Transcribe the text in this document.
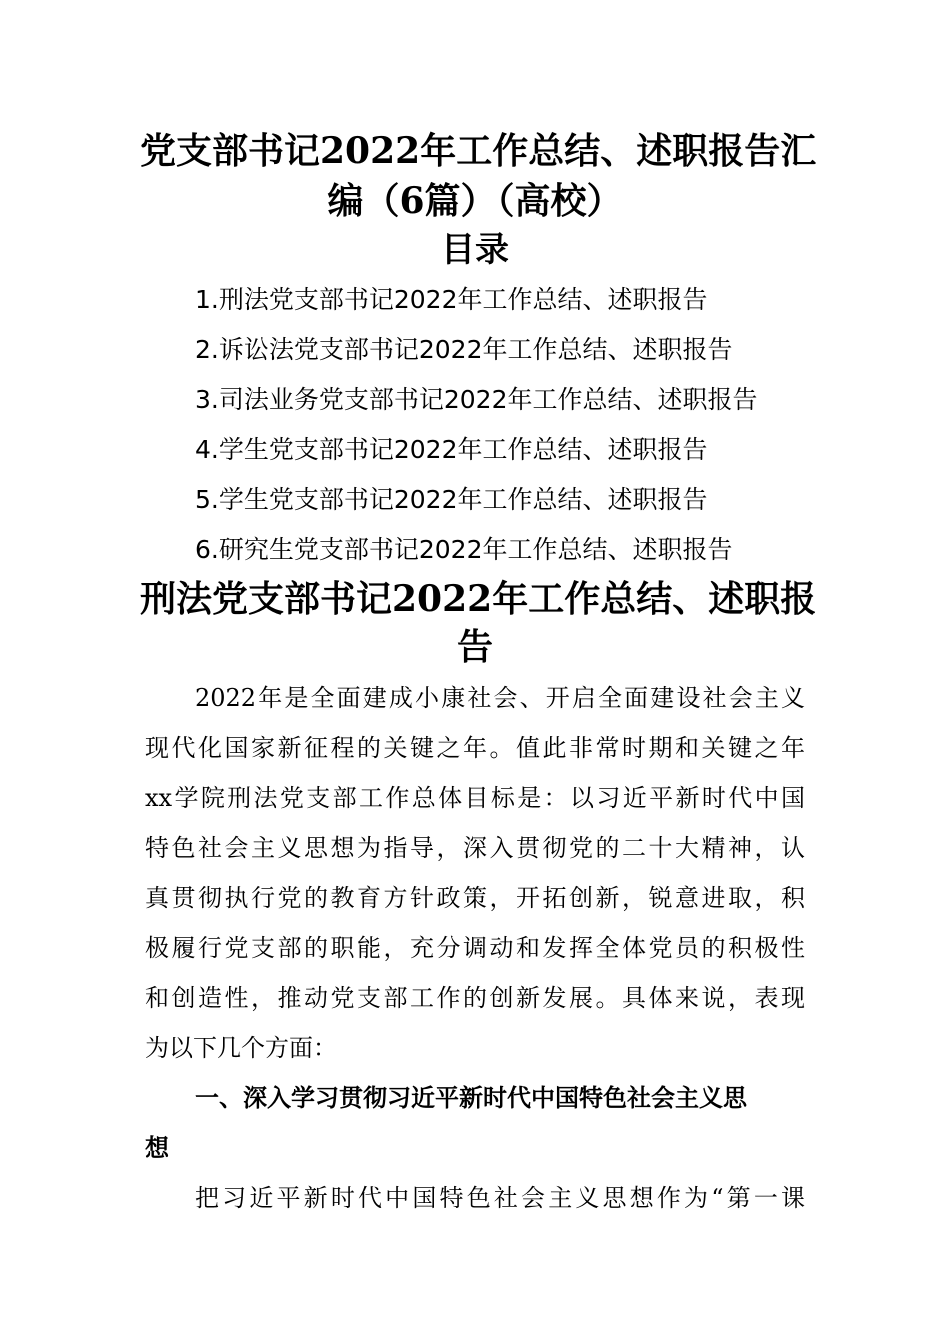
党支部书记2022年工作总结、述职报告汇
编（6篇）（高校）
目录
1.刑法党支部书记2022年工作总结、述职报告
2.诉讼法党支部书记2022年工作总结、述职报告
3.司法业务党支部书记2022年工作总结、述职报告
4.学生党支部书记2022年工作总结、述职报告
5.学生党支部书记2022年工作总结、述职报告
6.研究生党支部书记2022年工作总结、述职报告
刑法党支部书记2022年工作总结、述职报
告
2022年是全面建成小康社会、开启全面建设社会主义
现代化国家新征程的关键之年。值此非常时期和关键之年
xx学院刑法党支部工作总体目标是：以习近平新时代中国
特色社会主义思想为指导，深入贯彻党的二十大精神，认
真贯彻执行党的教育方针政策，开拓创新，锐意进取，积
极履行党支部的职能，充分调动和发挥全体党员的积极性
和创造性，推动党支部工作的创新发展。具体来说，表现
为以下几个方面：
一、深入学习贯彻习近平新时代中国特色社会主义思
想
把习近平新时代中国特色社会主义思想作为“第一课
